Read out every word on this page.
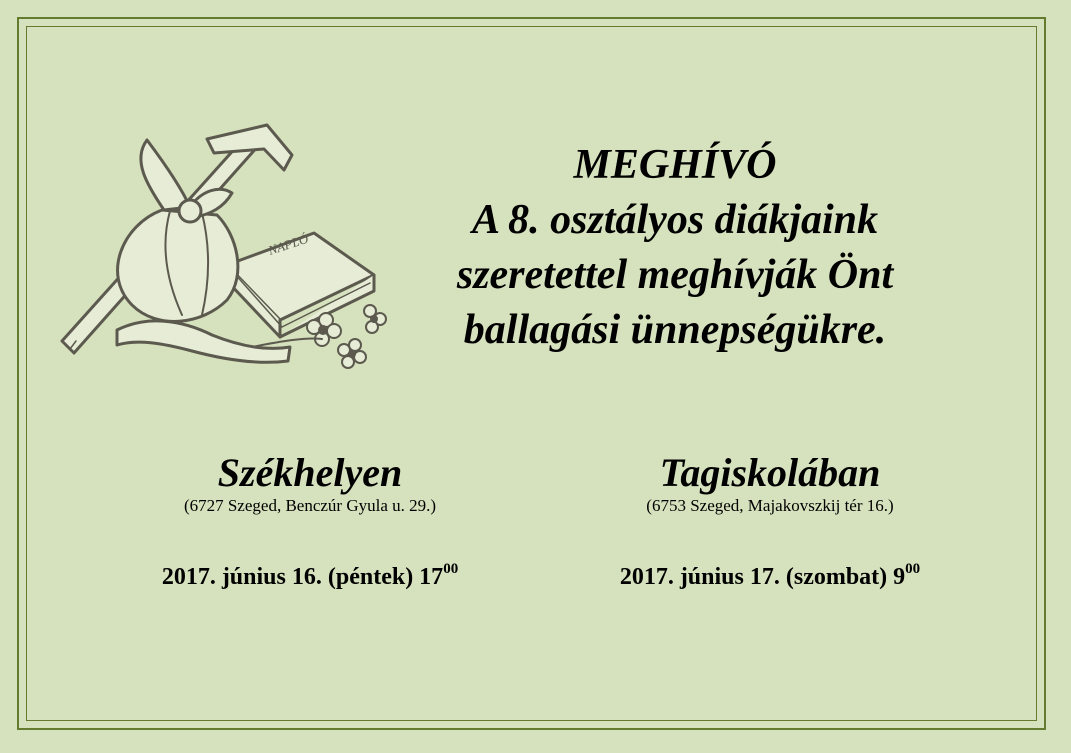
NAPLÓ
MEGHÍVÓ
A 8. osztályos diákjaink
szeretettel meghívják Önt
ballagási ünnepségükre.
Székhelyen
(6727 Szeged, Benczúr Gyula u. 29.)
2017. június 16. (péntek) $17^{00}$
Tagiskolában
(6753 Szeged, Majakovszkij tér 16.)
2017. június 17. (szombat) $9^{00}$
